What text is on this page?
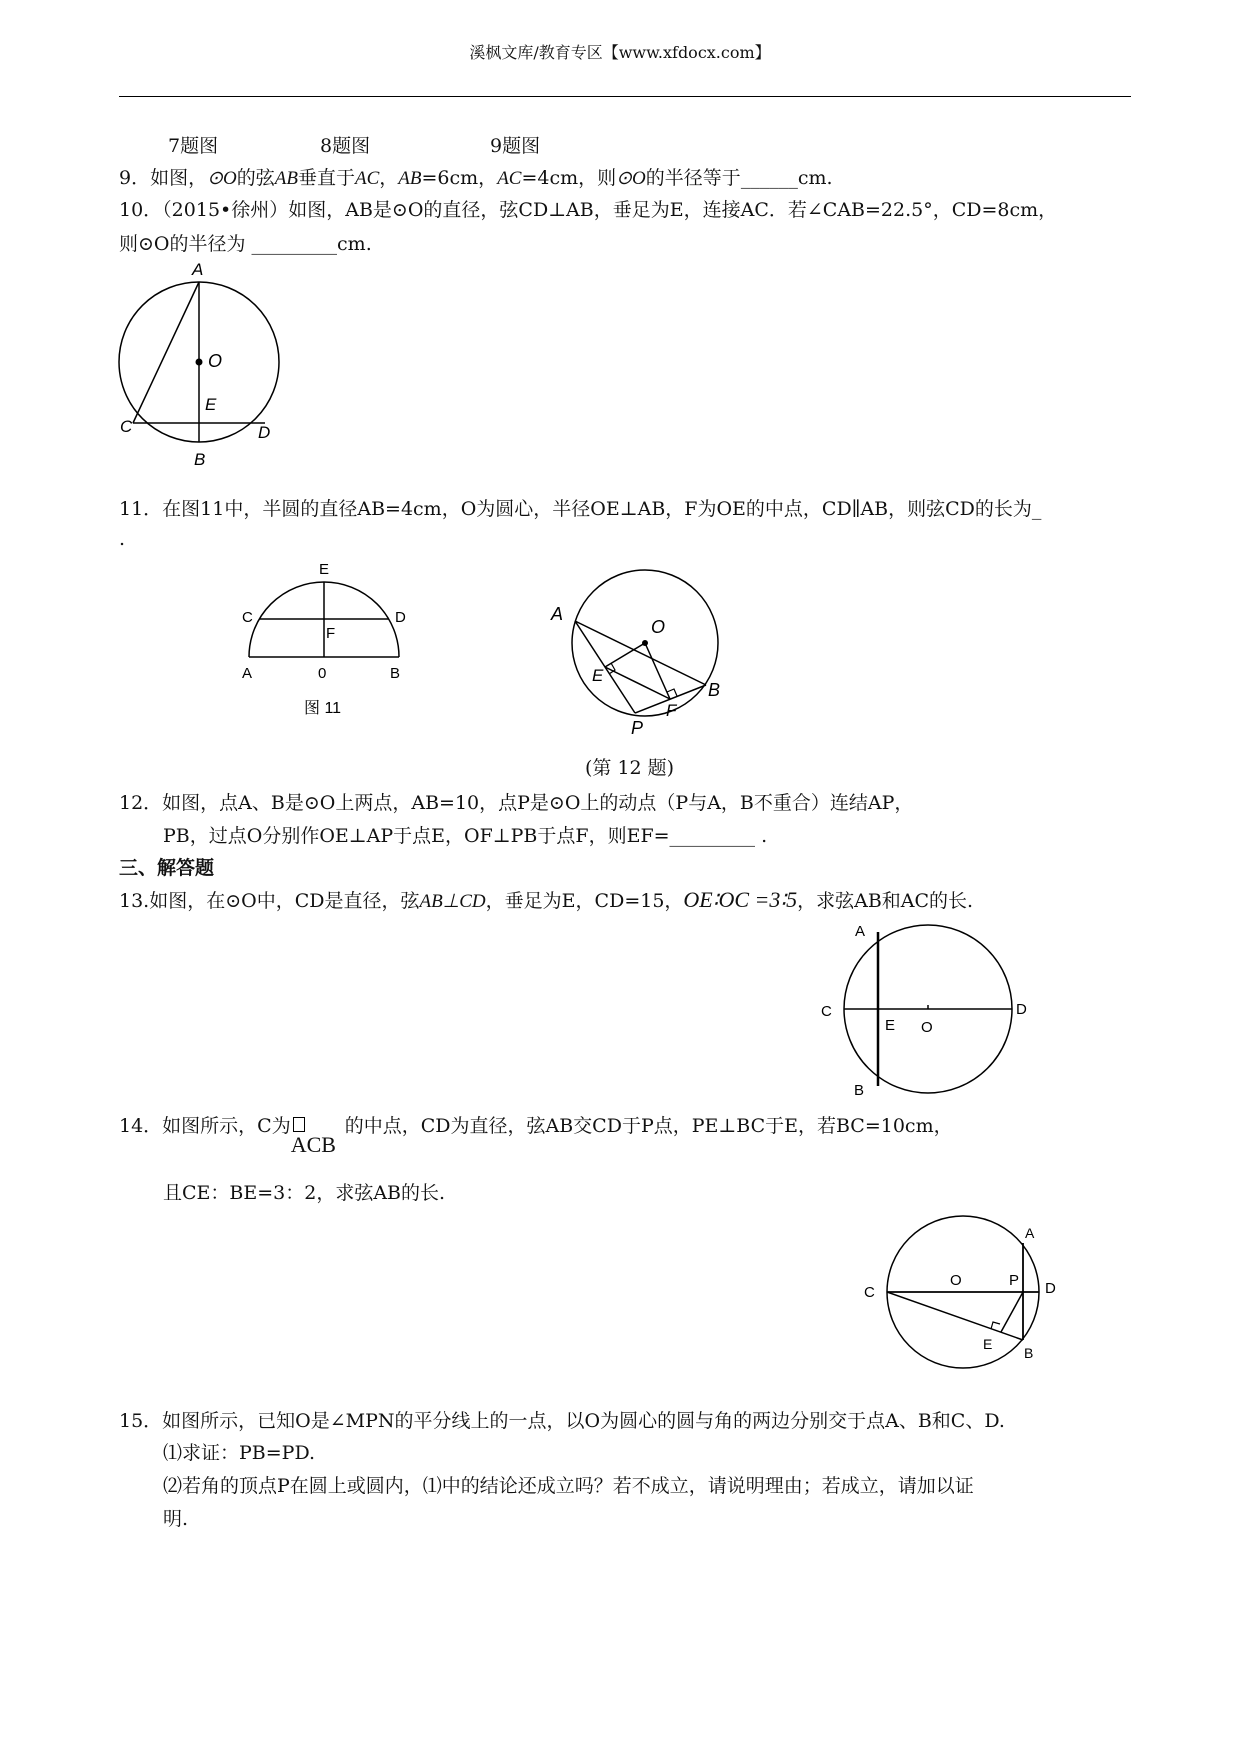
溪枫文库/教育专区【www.xfdocx.com】
7题图	8题图	9题图
9．如图，⊙O的弦AB垂直于AC，AB=6cm，AC=4cm，则⊙O的半径等于______cm.
10．（2015•徐州）如图，AB是⊙O的直径，弦CD⊥AB，垂足为E，连接AC．若∠CAB=22.5°，CD=8cm，
则⊙O的半径为 _________cm.
A
O
E
C	D
B
11．在图11中，半圆的直径AB=4cm，O为圆心，半径OE⊥AB，F为OE的中点，CD∥AB，则弦CD的长为_
.
E
C	D
F
A	0	B
图 11
A
O
E
B
F
P
(第 12 题)
12．如图，点A、B是⊙O上两点，AB=10，点P是⊙O上的动点（P与A，B不重合）连结AP，
PB，过点O分别作OE⊥AP于点E，OF⊥PB于点F，则EF=_________ .
三、解答题
13.如图，在⊙O中，CD是直径，弦AB⊥CD，垂足为E，CD=15，OE∶OC =3∶5，求弦AB和AC的长.
A
C
E O
D
B
14．如图所示，C为
ACB
的中点，CD为直径，弦AB交CD于P点，PE⊥BC于E，若BC=10cm，
且CE：BE=3：2，求弦AB的长.
A
C
O	P D
E
B
15．如图所示，已知O是∠MPN的平分线上的一点，以O为圆心的圆与角的两边分别交于点A、B和C、D.
⑴求证：PB=PD.
⑵若角的顶点P在圆上或圆内，⑴中的结论还成立吗？若不成立，请说明理由；若成立，请加以证
明.
